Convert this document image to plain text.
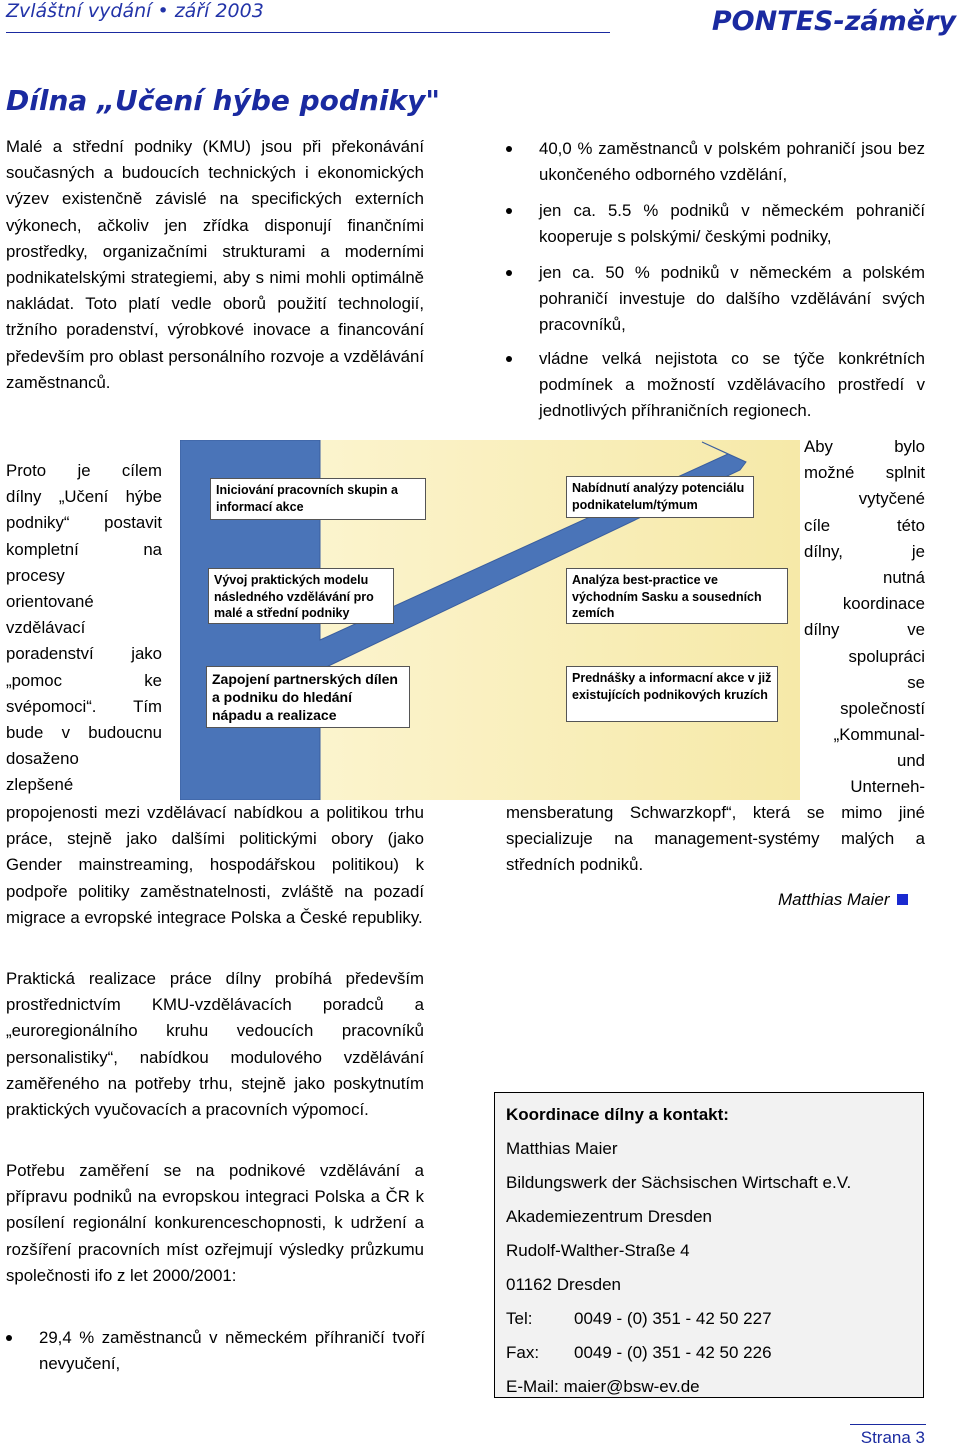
Zvláštní vydání • září 2003	PONTES-záměry
Dílna „Učení hýbe podniky"

Malé a střední podniky (KMU) jsou při překonávání současných a budoucích technických i ekonomických výzev existenčně závislé na specifických externích výkonech, ačkoliv jen zřídka disponují finančními prostředky, organizačními strukturami a moderními podnikatelskými strategiemi, aby s nimi mohli optimálně nakládat. Toto platí vedle oborů použití technologií, tržního poradenství, výrobkové inovace a financování především pro oblast personálního rozvoje a vzdělávání zaměstnanců.

Proto je cílem
dílny „Učení hýbe
podniky“ postavit
kompletní na
procesy
orientované
vzdělávací
poradenství jako
„pomoc ke
svépomoci“. Tím
bude v budoucnu
dosaženo
zlepšené

propojenosti mezi vzdělávací nabídkou a politikou trhu práce, stejně jako dalšími politickými obory (jako Gender mainstreaming, hospodářskou politikou) k podpoře politiky zaměstnatelnosti, zvláště na pozadí migrace a evropské integrace Polska a České republiky.

Praktická realizace práce dílny probíhá především prostřednictvím KMU-vzdělávacích poradců a „euroregionálního kruhu vedoucích pracovníků personalistiky“, nabídkou modulového vzdělávání zaměřeného na potřeby trhu, stejně jako poskytnutím praktických vyučovacích a pracovních výpomocí.

Potřebu zaměření se na podnikové vzdělávání a přípravu podniků na evropskou integraci Polska a ČR k posílení regionální konkurenceschopnosti, k udržení a rozšíření pracovních míst ozřejmují výsledky průzkumu společnosti ifo z let 2000/2001:

29,4 % zaměstnanců v německém příhraničí tvoří nevyučení,
Iniciování pracovních skupin a informací akce
Vývoj praktických modelu následného vzdělávání pro malé a střední podniky
Zapojení partnerských dílen a podniku do hledání nápadu a realizace
Nabídnutí analýzy potenciálu podnikatelum/týmum
Analýza best-practice ve východním Sasku a sousedních zemích
Prednášky a informacní akce v již existujících podnikových kruzích
40,0 % zaměstnanců v polském pohraničí jsou bez ukončeného odborného vzdělání,
jen ca. 5.5 % podniků v německém pohraničí kooperuje s polskými/ českými podniky,
jen ca. 50 % podniků v německém a polském pohraničí investuje do dalšího vzdělávání svých pracovníků,
vládne velká nejistota co se týče konkrétních podmínek a možností vzdělávacího prostředí v jednotlivých příhraničních regionech.
Aby bylo
možné splnit
vytyčené
cíle této
dílny, je
nutná
koordinace
dílny ve
spolupráci
se
společností
„Kommunal-
und
Unterneh-

mensberatung Schwarzkopf“, která se mimo jiné specializuje na management-systémy malých a středních podniků.

Matthias Maier
Koordinace dílny a kontakt:
Matthias Maier
Bildungswerk der Sächsischen Wirtschaft e.V.
Akademiezentrum Dresden
Rudolf-Walther-Straße 4
01162 Dresden
Tel:	0049 - (0) 351 - 42 50 227
Fax:	0049 - (0) 351 - 42 50 226
E-Mail: maier@bsw-ev.de
Strana 3
